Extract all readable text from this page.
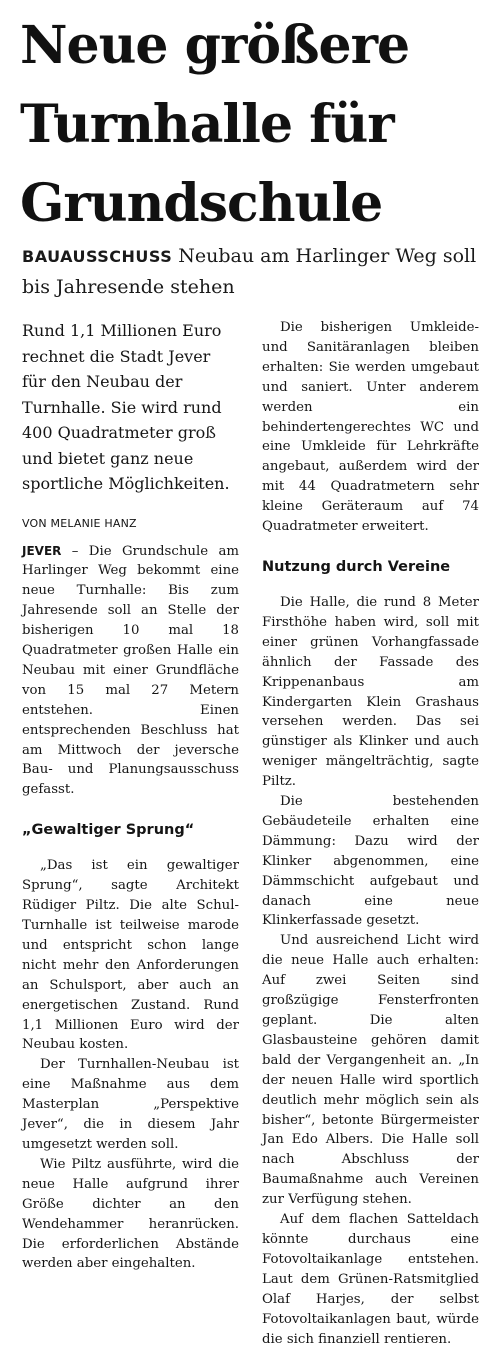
Neue größere
Turnhalle für
Grundschule

BAUAUSSCHUSS Neubau am Harlinger Weg soll bis Jahresende stehen

Rund 1,1 Millionen Euro rechnet die Stadt Jever für den Neubau der Turnhalle. Sie wird rund 400 Quadratmeter groß und bietet ganz neue sportliche Möglichkeiten.

VON MELANIE HANZ

JEVER – Die Grundschule am Harlinger Weg bekommt eine neue Turnhalle: Bis zum Jahresende soll an Stelle der bisherigen 10 mal 18 Quadratmeter großen Halle ein Neubau mit einer Grundfläche von 15 mal 27 Metern entstehen. Einen entsprechenden Beschluss hat am Mittwoch der jeversche Bau- und Planungsausschuss gefasst.

„Gewaltiger Sprung“

„Das ist ein gewaltiger Sprung“, sagte Architekt Rüdiger Piltz. Die alte Schul-Turnhalle ist teilweise marode und entspricht schon lange nicht mehr den Anforderungen an Schulsport, aber auch an energetischen Zustand. Rund 1,1 Millionen Euro wird der Neubau kosten.

Der Turnhallen-Neubau ist eine Maßnahme aus dem Masterplan „Perspektive Jever“, die in diesem Jahr umgesetzt werden soll.

Wie Piltz ausführte, wird die neue Halle aufgrund ihrer Größe dichter an den Wendehammer heranrücken. Die erforderlichen Abstände werden aber eingehalten.

Die bisherigen Umkleide- und Sanitäranlagen bleiben erhalten: Sie werden umgebaut und saniert. Unter anderem werden ein behindertengerechtes WC und eine Umkleide für Lehrkräfte angebaut, außerdem wird der mit 44 Quadratmetern sehr kleine Geräteraum auf 74 Quadratmeter erweitert.

Nutzung durch Vereine

Die Halle, die rund 8 Meter Firsthöhe haben wird, soll mit einer grünen Vorhangfassade ähnlich der Fassade des Krippenanbaus am Kindergarten Klein Grashaus versehen werden. Das sei günstiger als Klinker und auch weniger mängelträchtig, sagte Piltz.

Die bestehenden Gebäudeteile erhalten eine Dämmung: Dazu wird der Klinker abgenommen, eine Dämmschicht aufgebaut und danach eine neue Klinkerfassade gesetzt.

Und ausreichend Licht wird die neue Halle auch erhalten: Auf zwei Seiten sind großzügige Fensterfronten geplant. Die alten Glasbausteine gehören damit bald der Vergangenheit an. „In der neuen Halle wird sportlich deutlich mehr möglich sein als bisher“, betonte Bürgermeister Jan Edo Albers. Die Halle soll nach Abschluss der Baumaßnahme auch Vereinen zur Verfügung stehen.

Auf dem flachen Satteldach könnte durchaus eine Fotovoltaikanlage entstehen. Laut dem Grünen-Ratsmitglied Olaf Harjes, der selbst Fotovoltaikanlagen baut, würde die sich finanziell rentieren.
